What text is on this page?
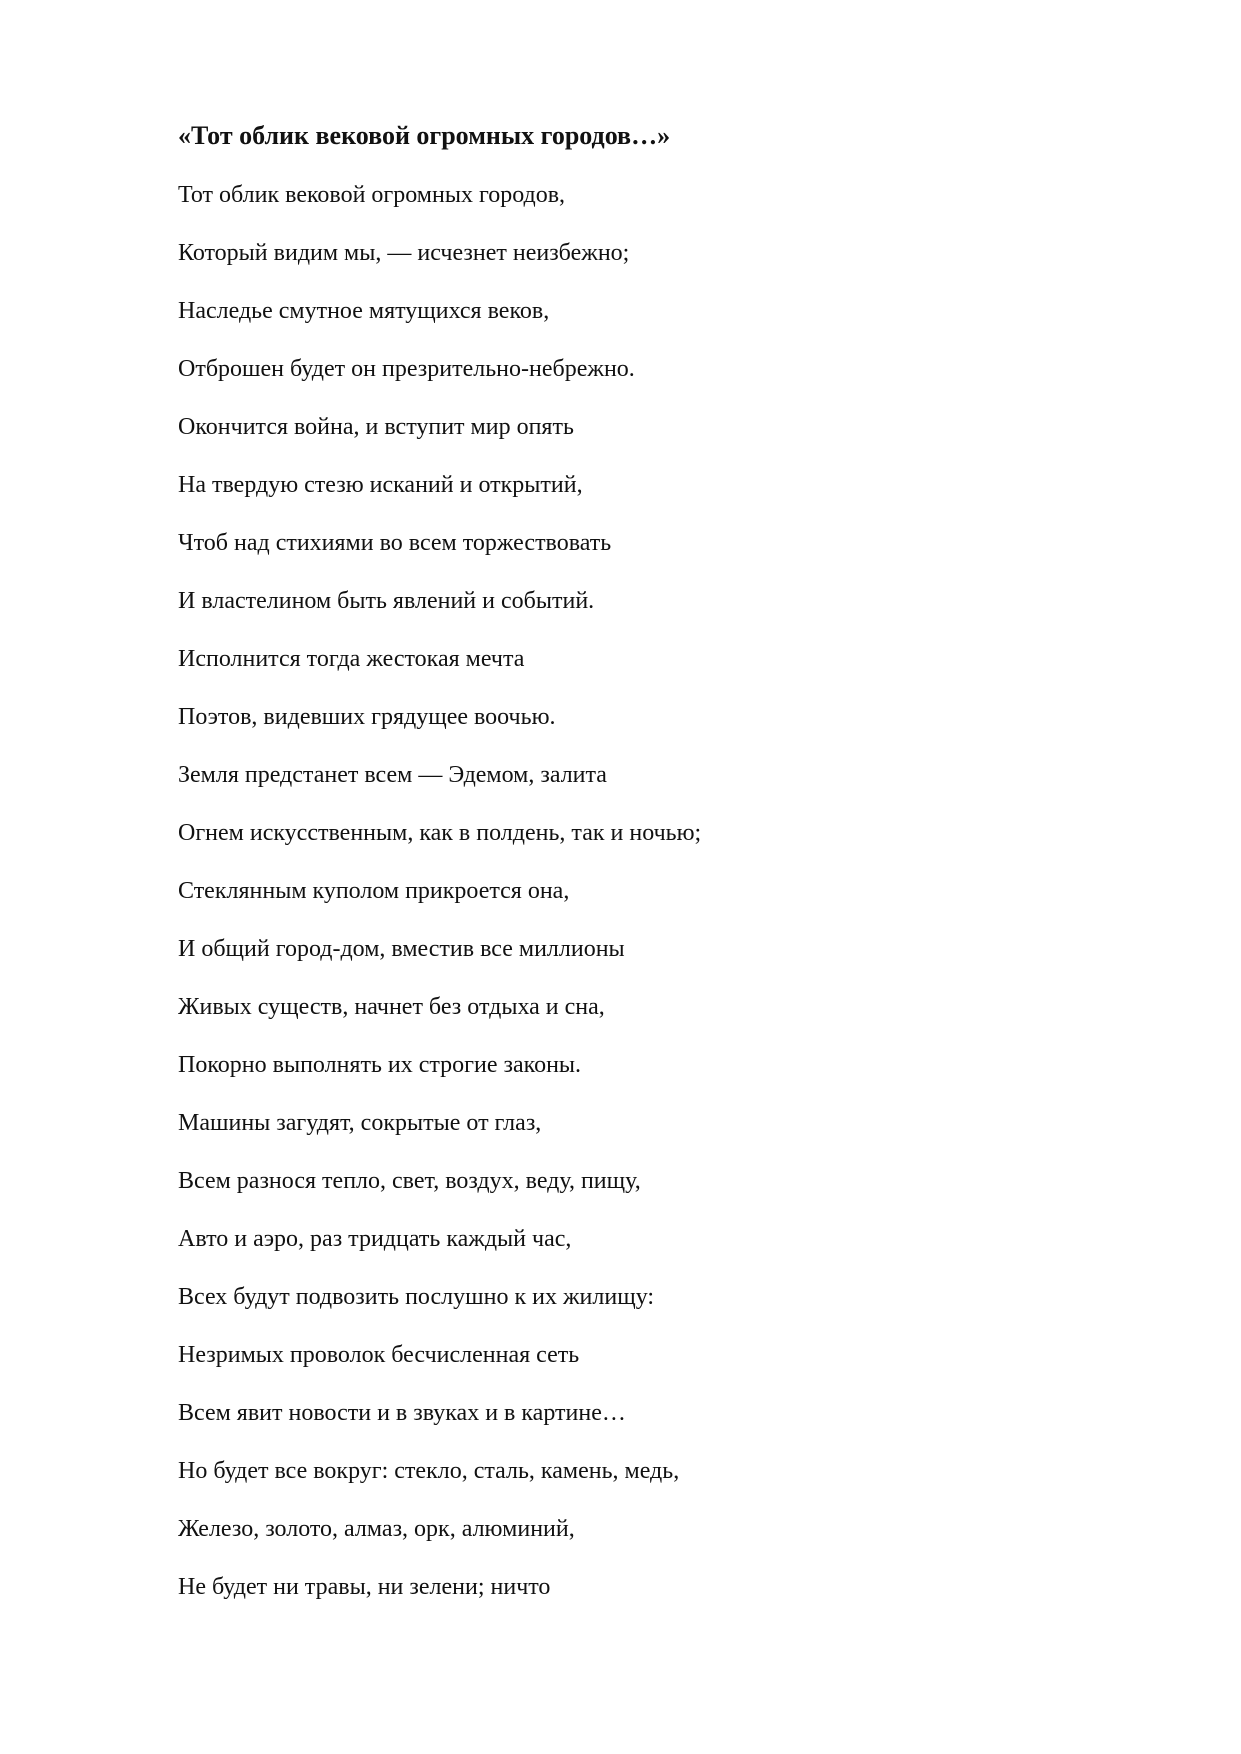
«Тот облик вековой огромных городов…»
Тот облик вековой огромных городов,
Который видим мы, — исчезнет неизбежно;
Наследье смутное мятущихся веков,
Отброшен будет он презрительно-небрежно.
Окончится война, и вступит мир опять
На твердую стезю исканий и открытий,
Чтоб над стихиями во всем торжествовать
И властелином быть явлений и событий.
Исполнится тогда жестокая мечта
Поэтов, видевших грядущее воочью.
Земля предстанет всем — Эдемом, залита
Огнем искусственным, как в полдень, так и ночью;
Стеклянным куполом прикроется она,
И общий город-дом, вместив все миллионы
Живых существ, начнет без отдыха и сна,
Покорно выполнять их строгие законы.
Машины загудят, сокрытые от глаз,
Всем разнося тепло, свет, воздух, веду, пищу,
Авто и аэро, раз тридцать каждый час,
Всех будут подвозить послушно к их жилищу:
Незримых проволок бесчисленная сеть
Всем явит новости и в звуках и в картине…
Но будет все вокруг: стекло, сталь, камень, медь,
Железо, золото, алмаз, орк, алюминий,
Не будет ни травы, ни зелени; ничто
